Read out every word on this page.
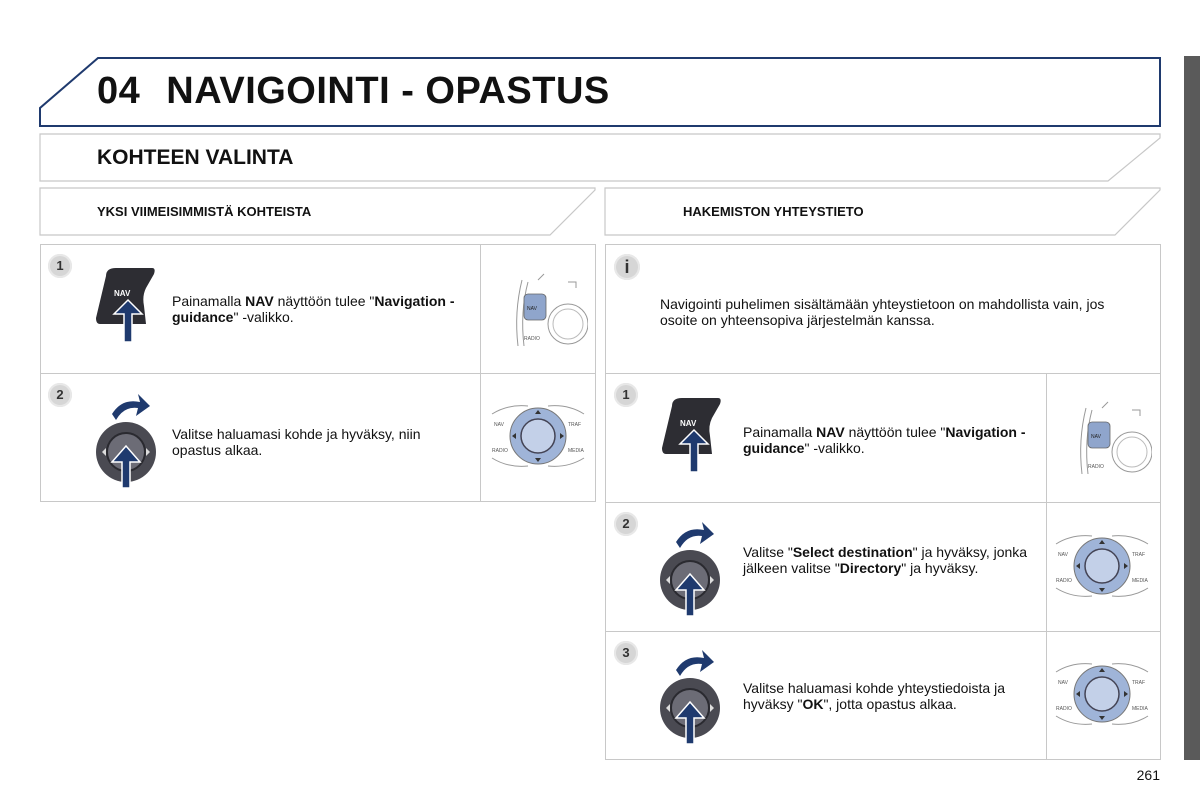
04 NAVIGOINTI - OPASTUS
KOHTEEN VALINTA
YKSI VIIMEISIMMISTÄ KOHTEISTA	HAKEMISTON YHTEYSTIETO
1
NAV	Painamalla NAV näyttöön tulee "Navigation - guidance" -valikko.	NAV
RADIO
2
Valitse haluamasi kohde ja hyväksy, niin opastus alkaa.
NAV	TRAF
RADIO	MEDIA
i
Navigointi puhelimen sisältämään yhteystietoon on mahdollista vain, jos osoite on yhteensopiva järjestelmän kanssa.
1
NAV
Painamalla NAV näyttöön tulee "Navigation - guidance" -valikko.
NAV
RADIO
2
Valitse "Select destination" ja hyväksy, jonka jälkeen valitse "Directory" ja hyväksy.
NAV	TRAF
RADIO	MEDIA
3
Valitse haluamasi kohde yhteystiedoista ja hyväksy "OK", jotta opastus alkaa.
NAV	TRAF
RADIO	MEDIA
261
